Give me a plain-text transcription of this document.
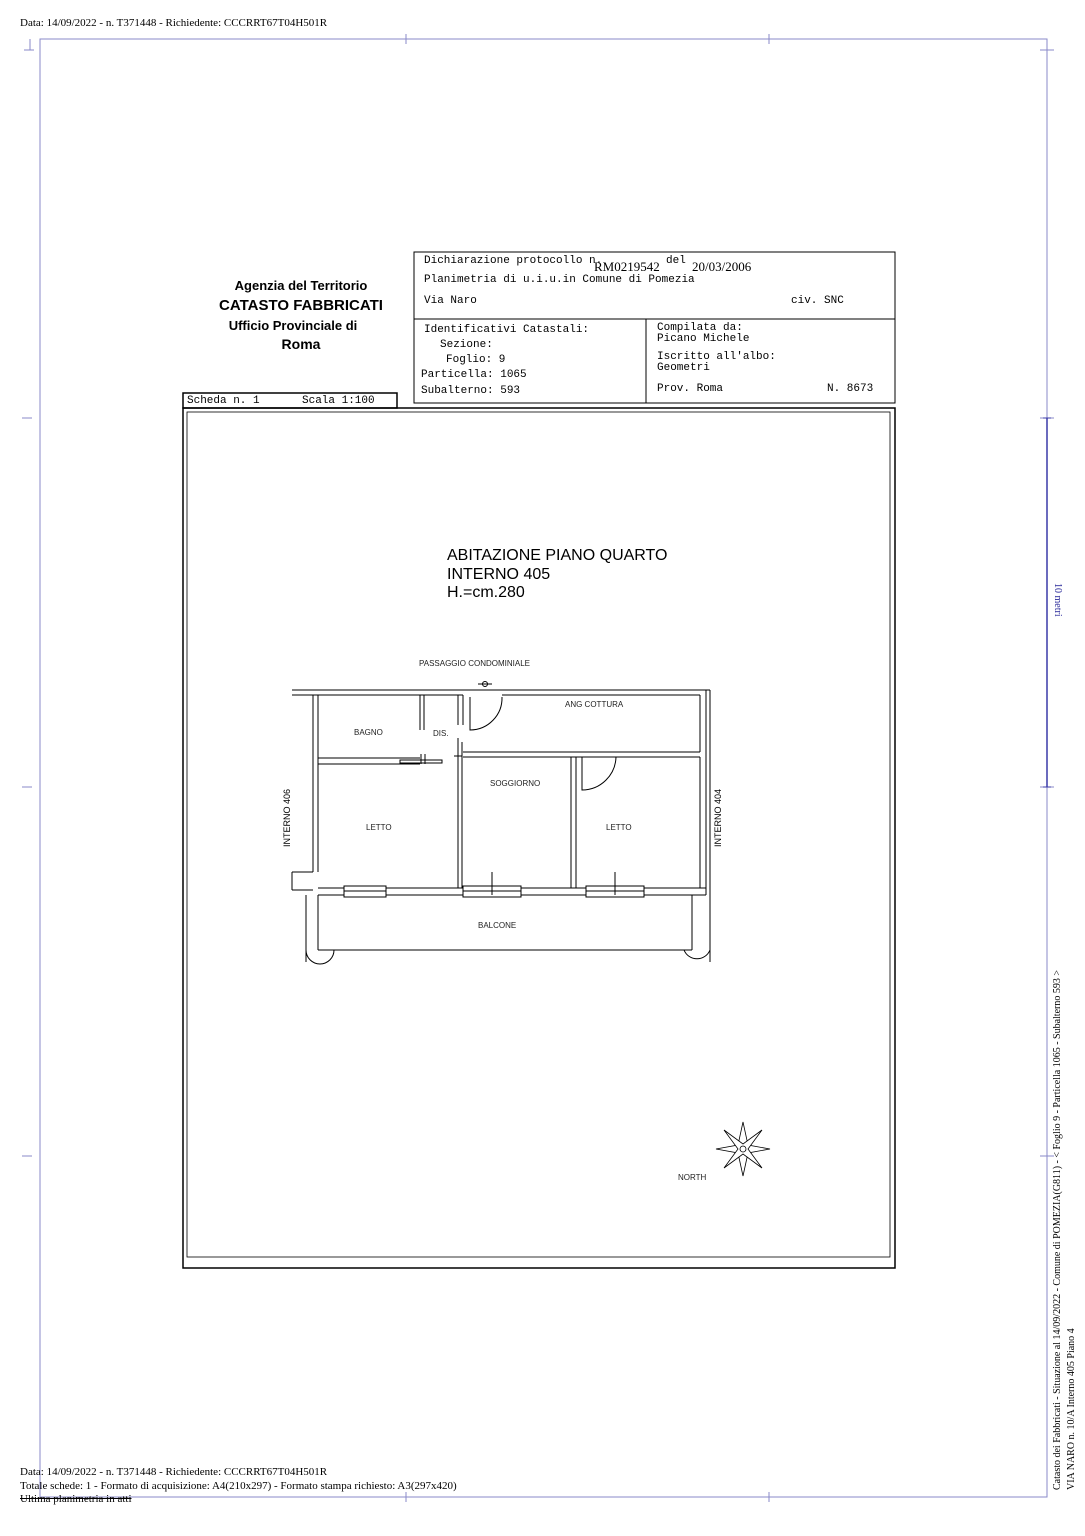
Data: 14/09/2022 - n. T371448 - Richiedente: CCCRRT67T04H501R
Agenzia del Territorio
CATASTO FABBRICATI
Ufficio Provinciale di
Roma
Dichiarazione protocollo n.
RM0219542 del 20/03/2006
Planimetria di u.i.u.in Comune di Pomezia
Via Naro	civ. SNC
Identificativi Catastali:
Sezione:
Foglio: 9
Particella: 1065
Subalterno: 593
Compilata da:
Picano Michele
Iscritto all'albo:
Geometri
Prov. Roma	N. 8673
Scheda n. 1	Scala 1:100
ABITAZIONE PIANO QUARTO
INTERNO 405
H.=cm.280
PASSAGGIO CONDOMINIALE
ANG COTTURA
BAGNO	DIS.
SOGGIORNO
LETTO	LETTO
BALCONE
NORTH
INTERNO 406	INTERNO 404
10 metri
Catasto dei Fabbricati - Situazione al 14/09/2022 - Comune di POMEZIA(G811) - < Foglio 9 - Particella 1065 - Subalterno 593 > VIA NARO n. 10/A Interno 405 Piano 4
Data: 14/09/2022 - n. T371448 - Richiedente: CCCRRT67T04H501R
Totale schede: 1 - Formato di acquisizione: A4(210x297) - Formato stampa richiesto: A3(297x420)
Ultima planimetria in atti
